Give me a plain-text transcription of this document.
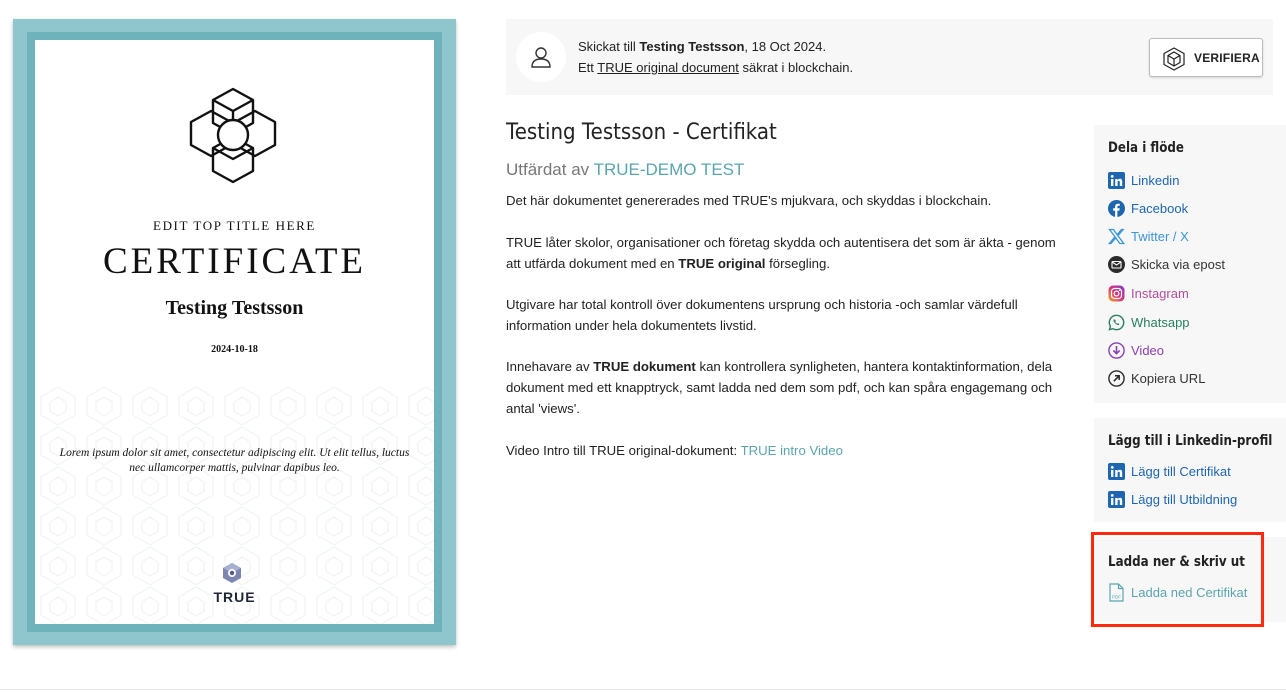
EDIT TOP TITLE HERE
CERTIFICATE
Testing Testsson
2024-10-18
Lorem ipsum dolor sit amet, consectetur adipiscing elit. Ut elit tellus, luctus nec ullamcorper mattis, pulvinar dapibus leo.
TRUE
Skickat till Testing Testsson, 18 Oct 2024.
Ett TRUE original document säkrat i blockchain.
VERIFIERA
Testing Testsson - Certifikat
Utfärdat av TRUE-DEMO TEST
Det här dokumentet genererades med TRUE's mjukvara, och skyddas i blockchain.
TRUE låter skolor, organisationer och företag skydda och autentisera det som är äkta - genom att utfärda dokument med en TRUE original försegling.
Utgivare har total kontroll över dokumentens ursprung och historia -och samlar värdefull information under hela dokumentets livstid.
Innehavare av TRUE dokument kan kontrollera synligheten, hantera kontaktinformation, dela dokument med ett knapptryck, samt ladda ned dem som pdf, och kan spåra engagemang och antal 'views'.
Video Intro till TRUE original-dokument: TRUE intro Video
Dela i flöde
Linkedin
Facebook
Twitter / X
Skicka via epost
Instagram
Whatsapp
Video
Kopiera URL
Lägg till i Linkedin-profil
Lägg till Certifikat
Lägg till Utbildning
Ladda ner & skriv ut
PDF Ladda ned Certifikat
